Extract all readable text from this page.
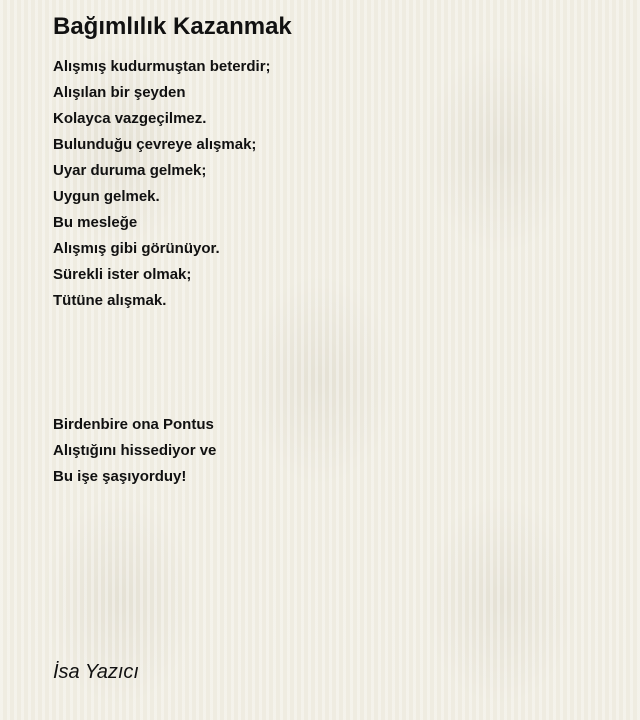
Bağımlılık Kazanmak
Alışmış kudurmuştan beterdir;
Alışılan bir şeyden
Kolayca vazgeçilmez.
Bulunduğu çevreye alışmak;
Uyar duruma gelmek;
Uygun gelmek.
Bu mesleğe
Alışmış gibi görünüyor.
Sürekli ister olmak;
Tütüne alışmak.
Birdenbire ona Pontus
Alıştığını hissediyor ve
Bu işe şaşıyorduy!
İsa Yazıcı
